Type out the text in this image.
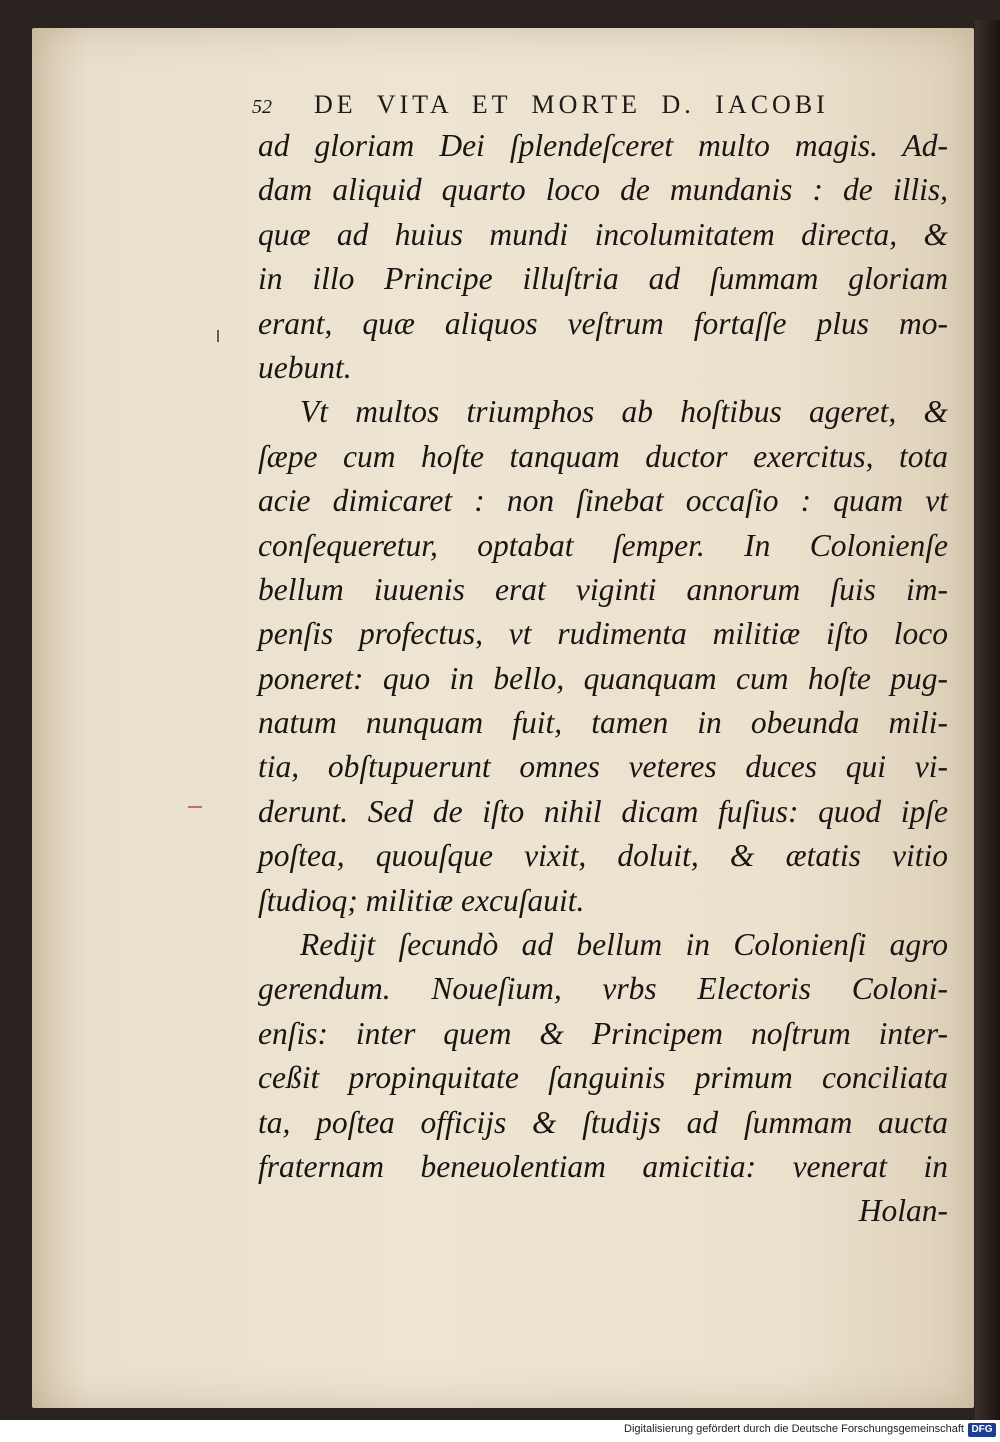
52 DE VITA ET MORTE D. IACOBI
ad gloriam Dei ſplendeſceret multo magis. Ad-
dam aliquid quarto loco de mundanis : de illis,
quæ ad huius mundi incolumitatem directa, &
in illo Principe illuſtria ad ſummam gloriam
erant, quæ aliquos veſtrum fortaſſe plus mo-
uebunt.
Vt multos triumphos ab hoſtibus ageret, &
ſæpe cum hoſte tanquam ductor exercitus, tota
acie dimicaret : non ſinebat occaſio : quam vt
conſequeretur, optabat ſemper. In Colonienſe
bellum iuuenis erat viginti annorum ſuis im-
penſis profectus, vt rudimenta militiæ iſto loco
poneret: quo in bello, quanquam cum hoſte pug-
natum nunquam fuit, tamen in obeunda mili-
tia, obſtupuerunt omnes veteres duces qui vi-
derunt. Sed de iſto nihil dicam fuſius: quod ipſe
poſtea, quouſque vixit, doluit, & ætatis vitio
ſtudioq; militiæ excuſauit.
Rediјt ſecundò ad bellum in Colonienſi agro
gerendum. Noueſium, vrbs Electoris Coloni-
enſis: inter quem & Principem noſtrum inter-
ceßit propinquitate ſanguinis primum conciliata
ta, poſtea officiјs & ſtudiјs ad ſummam aucta
fraternam beneuolentiam amicitia: venerat in
Holan-
Digitalisierung gefördert durch die Deutsche Forschungsgemeinschaft DFG
